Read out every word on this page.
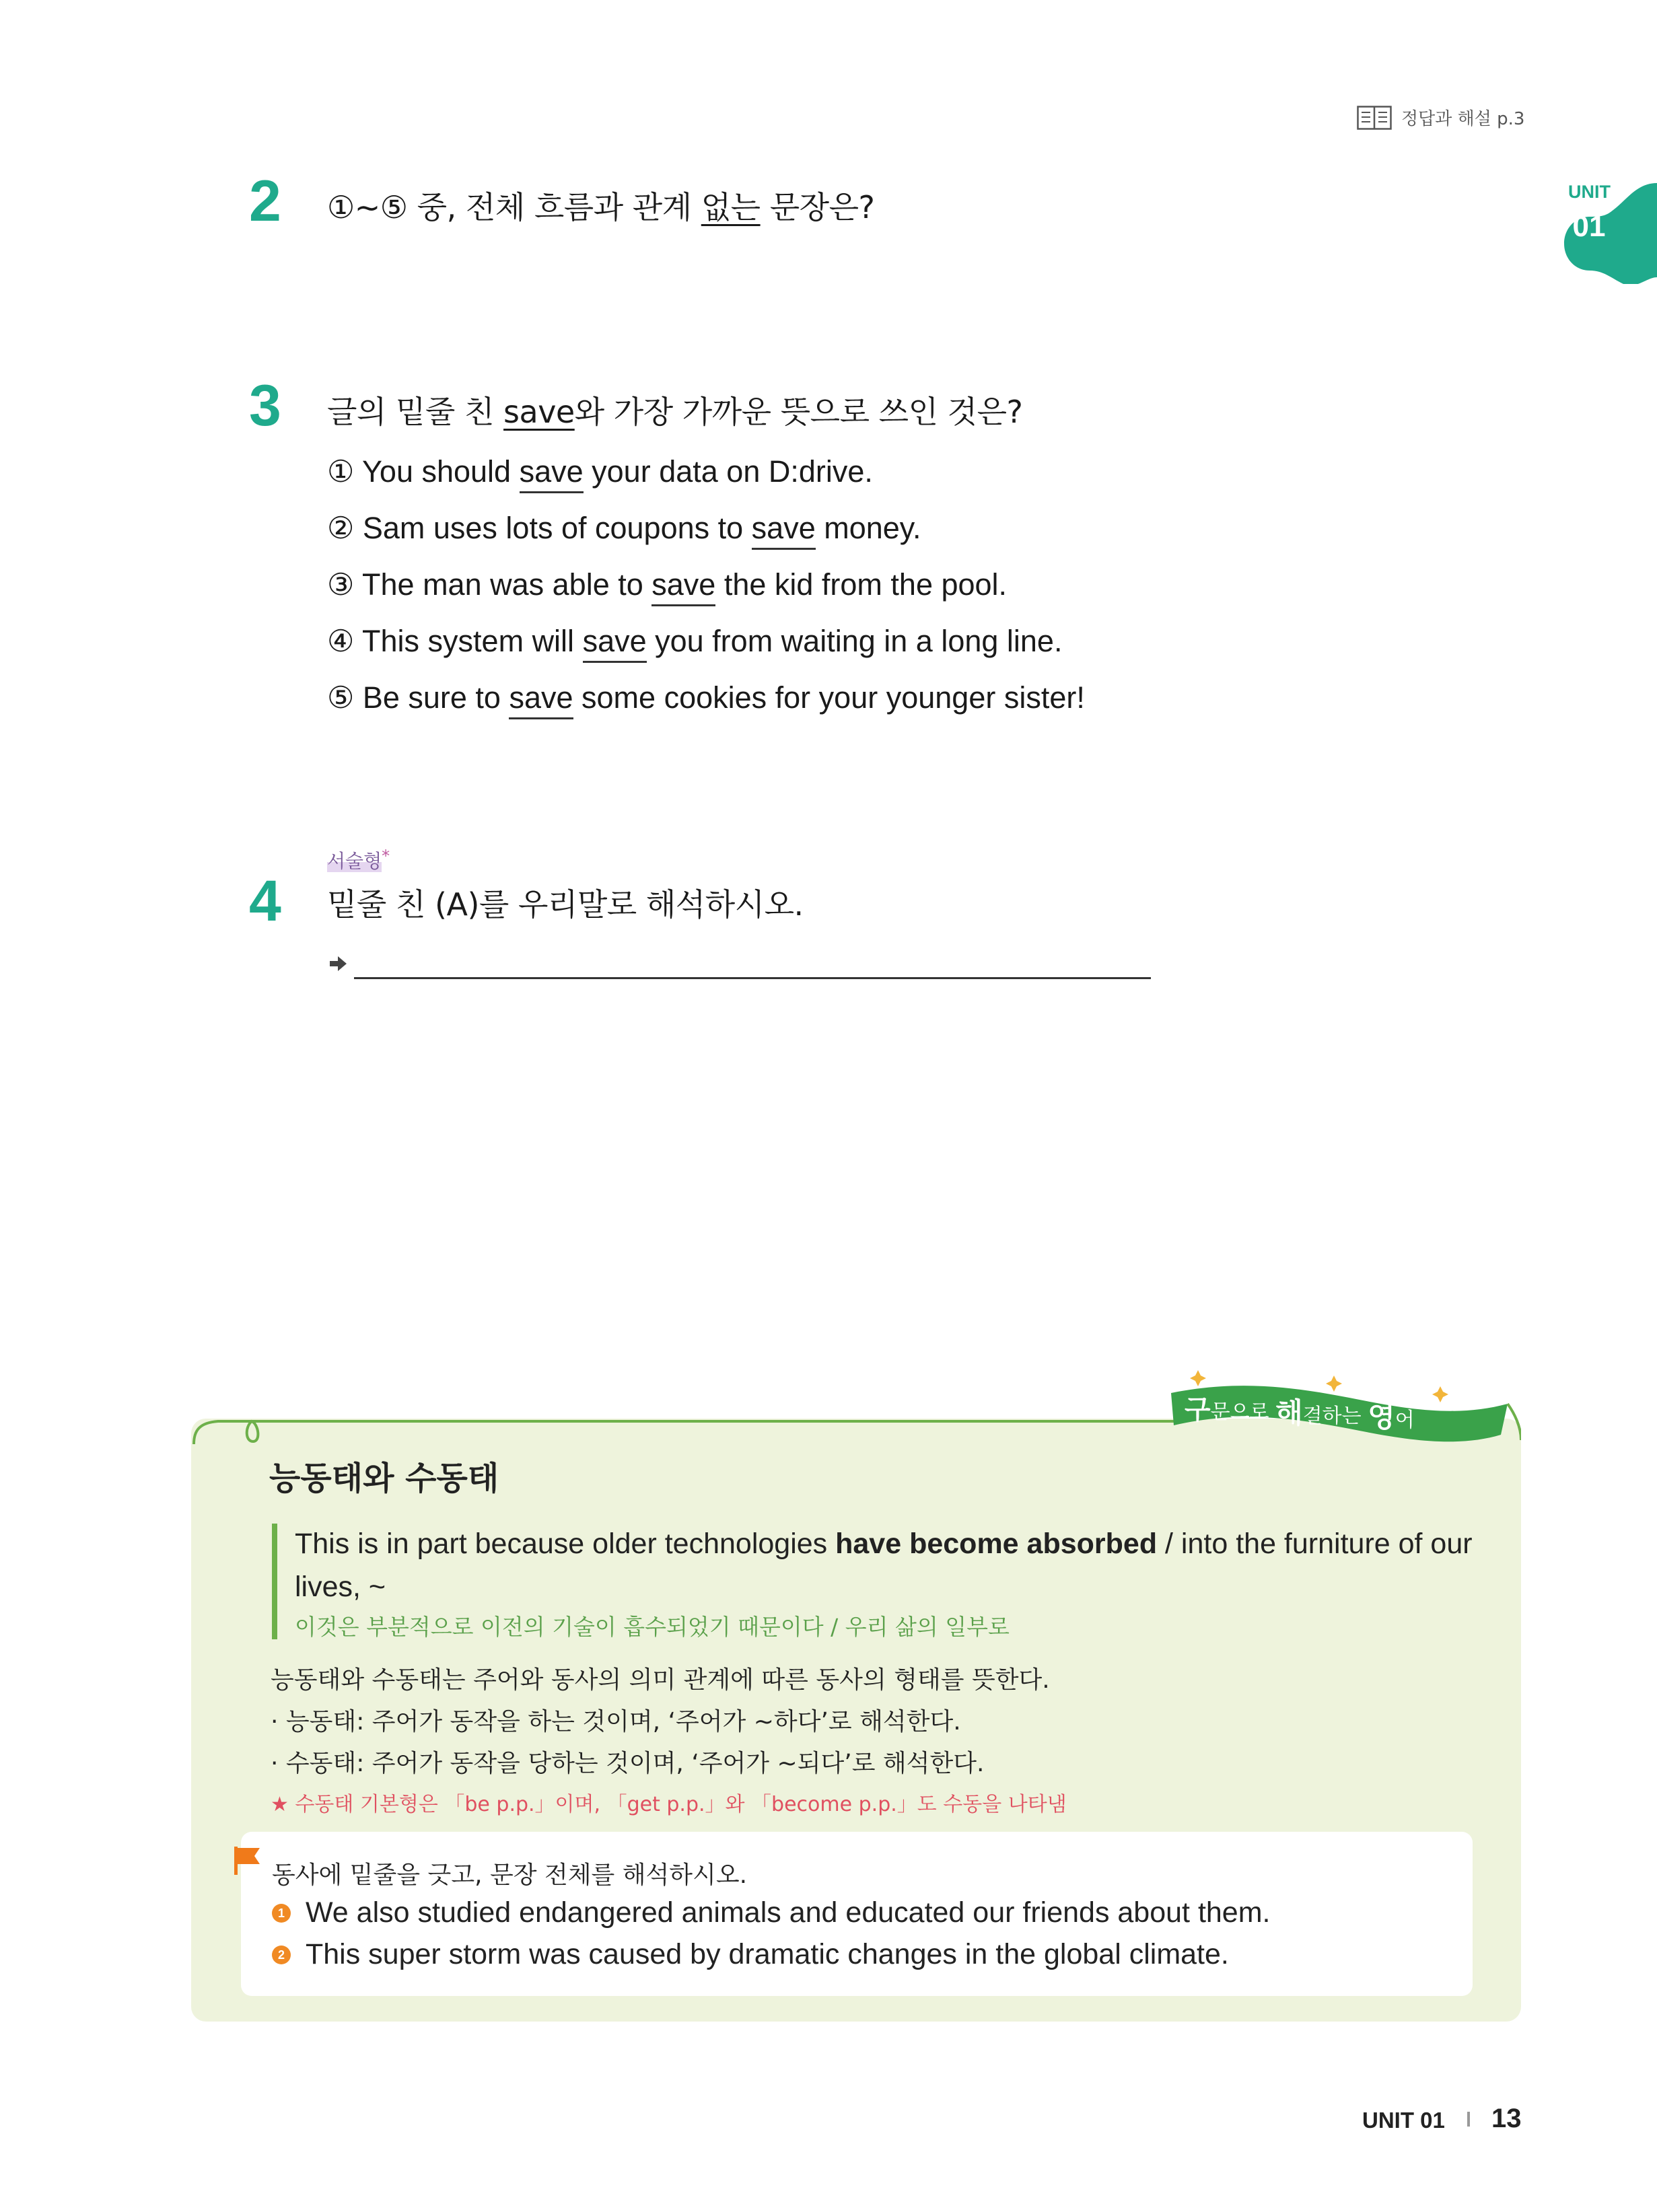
정답과 해설 p.3
UNIT
01
2 ①~⑤ 중, 전체 흐름과 관계 없는 문장은?
3 글의 밑줄 친 save와 가장 가까운 뜻으로 쓰인 것은?
① You should save your data on D:drive.
② Sam uses lots of coupons to save money.
③ The man was able to save the kid from the pool.
④ This system will save you from waiting in a long line.
⑤ Be sure to save some cookies for your younger sister!
서술형*
4 밑줄 친 (A)를 우리말로 해석하시오.
구문으로 해결하는 영어
능동태와 수동태
This is in part because older technologies have become absorbed / into the furniture of our lives, ~
이것은 부분적으로 이전의 기술이 흡수되었기 때문이다 / 우리 삶의 일부로
능동태와 수동태는 주어와 동사의 의미 관계에 따른 동사의 형태를 뜻한다.
· 능동태: 주어가 동작을 하는 것이며, ‘주어가 ~하다’로 해석한다.
· 수동태: 주어가 동작을 당하는 것이며, ‘주어가 ~되다’로 해석한다.
★ 수동태 기본형은 「be p.p.」이며, 「get p.p.」와 「become p.p.」도 수동을 나타냄
동사에 밑줄을 긋고, 문장 전체를 해석하시오.
1 We also studied endangered animals and educated our friends about them.
2 This super storm was caused by dramatic changes in the global climate.
UNIT 01 13
